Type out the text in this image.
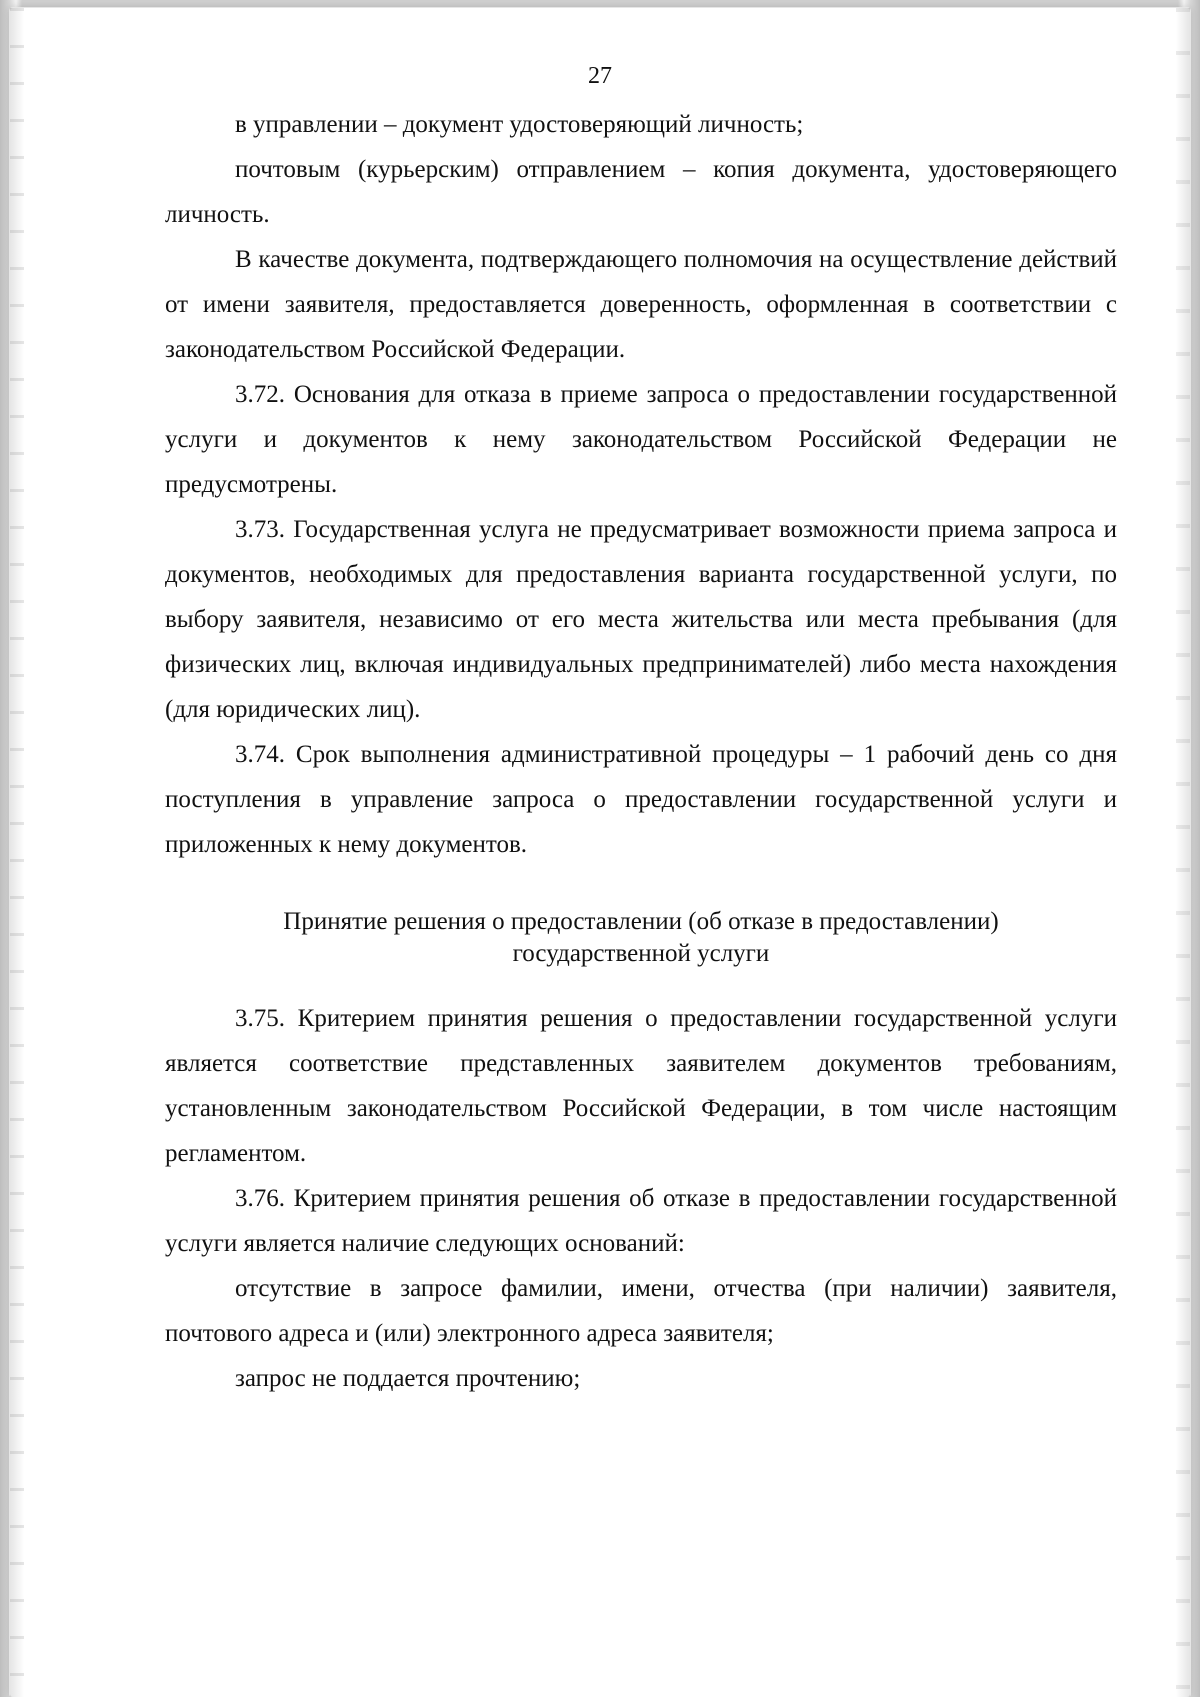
27

в управлении – документ удостоверяющий личность;

почтовым (курьерским) отправлением – копия документа, удостоверяющего личность.

В качестве документа, подтверждающего полномочия на осуществление действий от имени заявителя, предоставляется доверенность, оформленная в соответствии с законодательством Российской Федерации.

3.72. Основания для отказа в приеме запроса о предоставлении государственной услуги и документов к нему законодательством Российской Федерации не предусмотрены.

3.73. Государственная услуга не предусматривает возможности приема запроса и документов, необходимых для предоставления варианта государственной услуги, по выбору заявителя, независимо от его места жительства или места пребывания (для физических лиц, включая индивидуальных предпринимателей) либо места нахождения (для юридических лиц).

3.74. Срок выполнения административной процедуры – 1 рабочий день со дня поступления в управление запроса о предоставлении государственной услуги и приложенных к нему документов.

Принятие решения о предоставлении (об отказе в предоставлении)
государственной услуги

3.75. Критерием принятия решения о предоставлении государственной услуги является соответствие представленных заявителем документов требованиям, установленным законодательством Российской Федерации, в том числе настоящим регламентом.

3.76. Критерием принятия решения об отказе в предоставлении государственной услуги является наличие следующих оснований:

отсутствие в запросе фамилии, имени, отчества (при наличии) заявителя, почтового адреса и (или) электронного адреса заявителя;

запрос не поддается прочтению;
